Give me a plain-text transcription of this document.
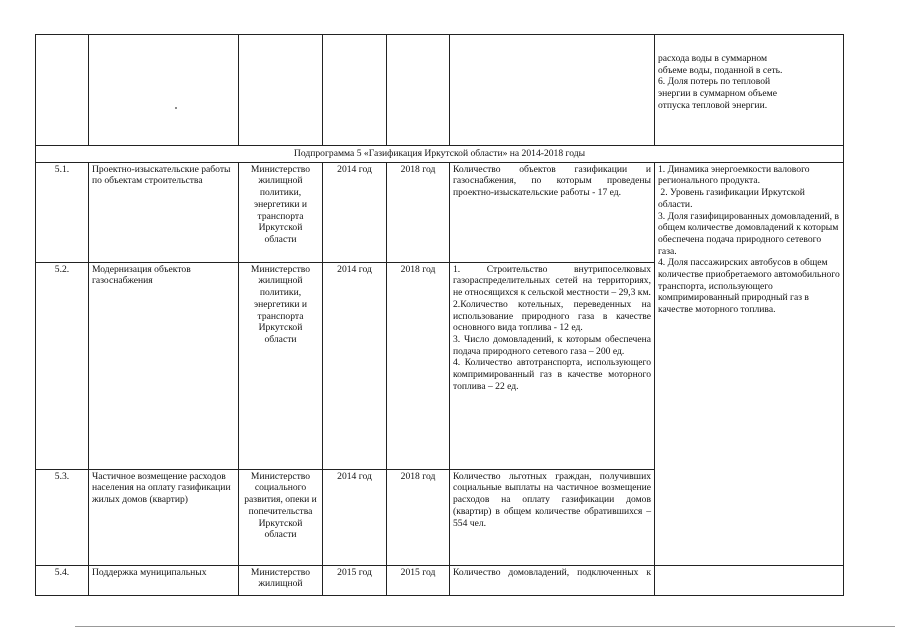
						расхода воды в суммарном
объеме воды, поданной в сеть.
6. Доля потерь по тепловой
энергии в суммарном объеме
отпуска тепловой энергии.

Подпрограмма 5 «Газификация Иркутской области» на 2014-2018 годы						
5.1.	Проектно-изыскательские работы по объектам строительства	Министерство жилищной политики, энергетики и транспорта Иркутской области	2014 год	2018 год	Количество объектов газификации и газоснабжения, по которым проведены проектно-изыскательские работы - 17 ед.	1. Динамика энергоемкости валового регионального продукта.
2. Уровень газификации Иркутской области.
3. Доля газифицированных домовладений, в общем количестве домовладений к которым обеспечена подача природного сетевого газа.
4. Доля пассажирских автобусов в общем количестве приобретаемого автомобильного транспорта, использующего компримированный природный газ в качестве моторного топлива.

5.2.	Модернизация объектов газоснабжения	Министерство жилищной политики, энергетики и транспорта Иркутской области	2014 год	2018 год	1. Строительство внутрипоселковых газораспределительных сетей на территориях, не относящихся к сельской местности – 29,3 км.
2.Количество котельных, переведенных на использование природного газа в качестве основного вида топлива - 12 ед.
3. Число домовладений, к которым обеспечена подача природного сетевого газа – 200 ед.
4. Количество автотранспорта, использующего компримированный газ в качестве моторного топлива – 22 ед.	

5.3.	Частичное возмещение расходов населения на оплату газификации жилых домов (квартир)	Министерство социального развития, опеки и попечительства Иркутской области	2014 год	2018 год	Количество льготных граждан, получивших социальные выплаты на частичное возмещение расходов на оплату газификации домов (квартир) в общем количестве обратившихся – 554 чел.	

5.4.	Поддержка муниципальных	Министерство жилищной	2015 год	2015 год	Количество домовладений, подключенных к	
